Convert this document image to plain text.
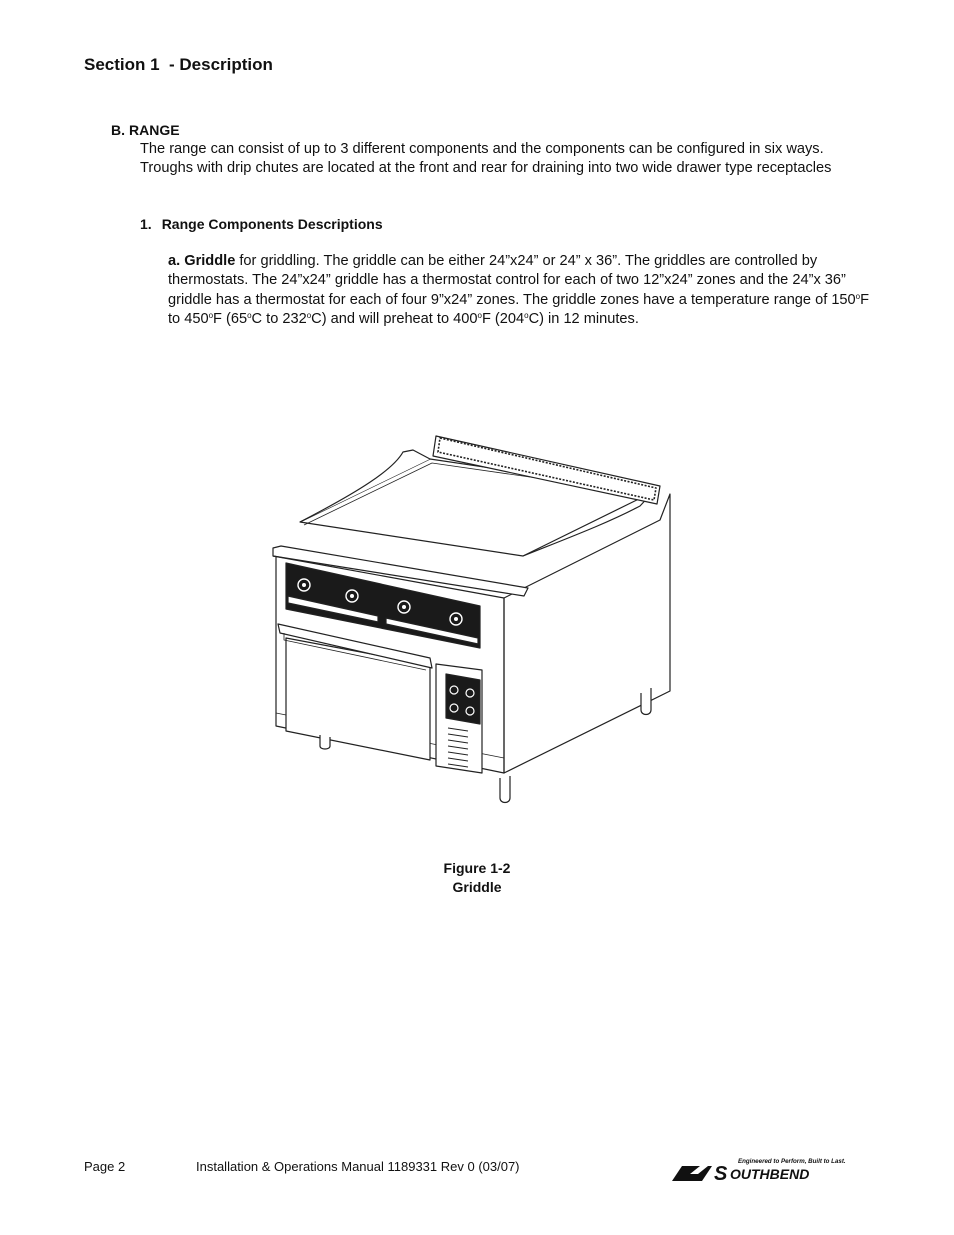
Section 1  - Description
B. RANGE
The range can consist of up to 3 different components and the components can be configured in six ways. Troughs with drip chutes are located at the front and rear for draining into two wide drawer type receptacles
1. Range Components Descriptions
a. Griddle for griddling. The griddle can be either 24”x24” or 24” x 36”. The griddles are controlled by thermostats. The 24”x24” griddle has a thermostat control for each of two 12”x24” zones and the 24”x 36” griddle has a thermostat for each of four 9”x24” zones. The griddle zones have a temperature range of 150$^o$F to 450$^o$F (65$^o$C to 232$^o$C) and will preheat to 400$^o$F (204$^o$C) in 12 minutes.
Figure 1-2
Griddle
Page 2	Installation & Operations Manual 1189331 Rev 0 (03/07)	Engineered to Perform, Built to Last.
S OUTHBEND
